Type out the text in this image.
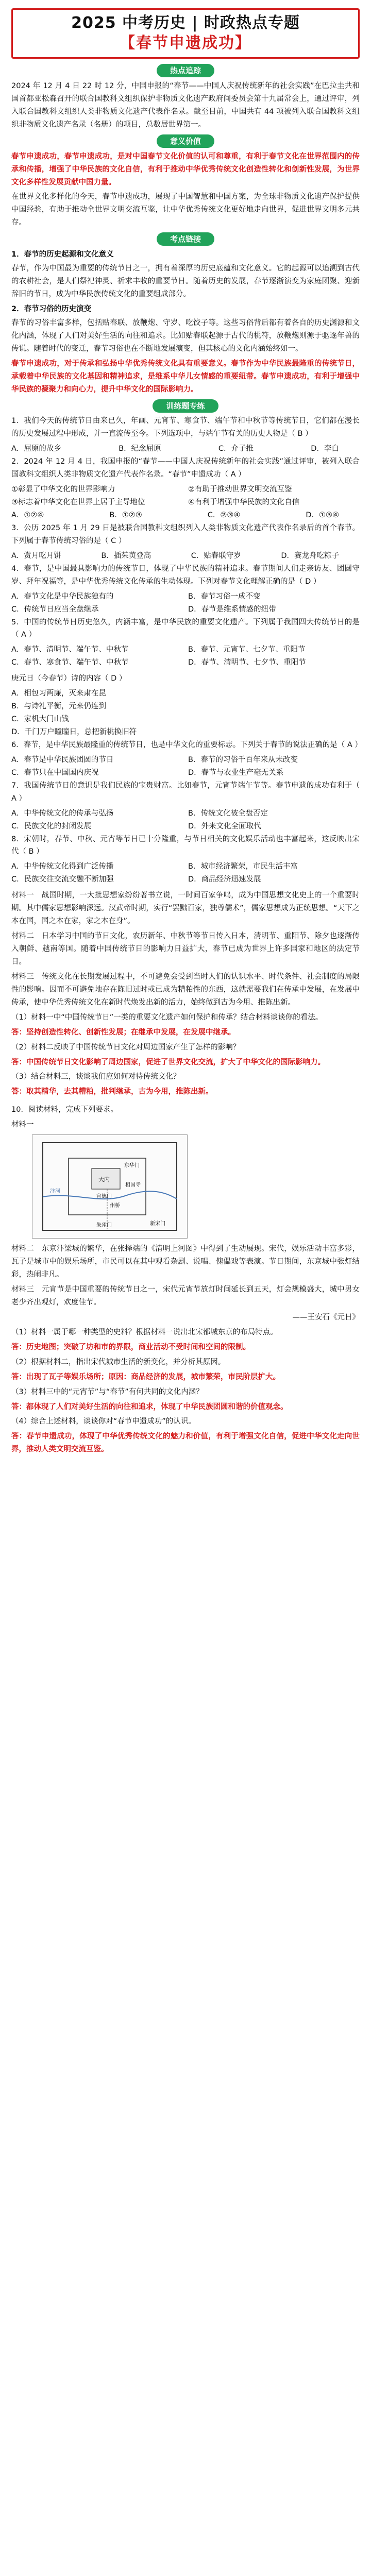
2025 中考历史 | 时政热点专题
【春节申遗成功】
热点追踪

2024 年 12 月 4 日 22 时 12 分，中国申报的“春节——中国人庆祝传统新年的社会实践”在巴拉圭共和国首都亚松森召开的联合国教科文组织保护非物质文化遗产政府间委员会第十九届常会上，通过评审，列入联合国教科文组织人类非物质文化遗产代表作名录。截至目前，中国共有 44 项被列入联合国教科文组织非物质文化遗产名录（名册）的项目，总数居世界第一。

意义价值

春节申遗成功，春节申遗成功，是对中国春节文化价值的认可和尊重，有利于春节文化在世界范围内的传承和传播，增强了中华民族的文化自信，有利于推动中华优秀传统文化创造性转化和创新性发展，为世界文化多样性发展贡献中国力量。

在世界文化多样化的今天，春节申遗成功，展现了中国智慧和中国方案，为全球非物质文化遗产保护提供中国经验，有助于推动全世界文明交流互鉴，让中华优秀传统文化更好地走向世界，促进世界文明多元共存。

考点链接
1．春节的历史起源和文化意义

春节，作为中国最为重要的传统节日之一，拥有着深厚的历史底蕴和文化意义。它的起源可以追溯到古代的农耕社会，是人们祭祀神灵、祈求丰收的重要节日。随着历史的发展，春节逐渐演变为家庭团聚、迎新辞旧的节日，成为中华民族传统文化的重要组成部分。

2．春节习俗的历史演变

春节的习俗丰富多样，包括贴春联、放鞭炮、守岁、吃饺子等。这些习俗背后都有着各自的历史渊源和文化内涵，体现了人们对美好生活的向往和追求。比如贴春联起源于古代的桃符，放鞭炮则源于驱逐年兽的传说。随着时代的变迁，春节习俗也在不断地发展演变，但其核心的文化内涵始终如一。

春节申遗成功，对于传承和弘扬中华优秀传统文化具有重要意义。春节作为中华民族最隆重的传统节日，承载着中华民族的文化基因和精神追求，是维系中华儿女情感的重要纽带。春节申遗成功，有利于增强中华民族的凝聚力和向心力，提升中华文化的国际影响力。

训练题专练

1．我们今天的传统节日由来已久，年画、元宵节、寒食节、端午节和中秋节等传统节日，它们都在漫长的历史发展过程中形成，并一直流传至今。下列选项中，与端午节有关的历史人物是（ B ）

A．屈原的故乡	B．纪念屈原	C．介子推	D．李白

2．2024 年 12 月 4 日，我国申报的“春节——中国人庆祝传统新年的社会实践”通过评审，被列入联合国教科文组织人类非物质文化遗产代表作名录。“春节”申遗成功（ A ）

①彰显了中华文化的世界影响力	②有助于推动世界文明交流互鉴
③标志着中华文化在世界上居于主导地位	④有利于增强中华民族的文化自信
A．①②④	B．①②③	C．②③④	D．①③④

3．公历 2025 年 1 月 29 日是被联合国教科文组织列入人类非物质文化遗产代表作名录后的首个春节。下列属于春节传统习俗的是（ C ）

A．赏月吃月饼	B．插茱萸登高	C．贴春联守岁	D．赛龙舟吃粽子

4．春节，是中国最具影响力的传统节日，体现了中华民族的精神追求。春节期间人们走亲访友、团圆守岁、拜年祝福等，是中华优秀传统文化传承的生动体现。下列对春节文化理解正确的是（ D ）

A．春节文化是中华民族独有的	B．春节习俗一成不变
C．传统节日应当全盘继承	D．春节是维系情感的纽带

5．中国的传统节日历史悠久，内涵丰富，是中华民族的重要文化遗产。下列属于我国四大传统节日的是（ A ）

A．春节、清明节、端午节、中秋节	B．春节、元宵节、七夕节、重阳节
C．春节、寒食节、端午节、中秋节	D．春节、清明节、七夕节、重阳节

庚元日（今春节）诗的内容（ D ）

A．相包习两廉，灭来肃在昆
B．与诗礼平衡，元来仍连到
C．家机大门山钱
D．千门万户瞳瞳日，总把新桃换旧符

6．春节，是中华民族最隆重的传统节日，也是中华文化的重要标志。下列关于春节的说法正确的是（ A ）

A．春节是中华民族团圆的节日	B．春节的习俗千百年来从未改变
C．春节只在中国国内庆祝	D．春节与农业生产毫无关系

7．我国传统节日的意识是我们民族的宝贵财富。比如春节，元宵节端午节等。春节申遗的成功有利于（ A ）

A．中华传统文化的传承与弘扬	B．传统文化被全盘否定
C．民族文化的封闭发展	D．外来文化全面取代

8．宋朝时，春节、中秋、元宵等节日已十分隆重，与节日相关的文化娱乐活动也丰富起来，这反映出宋代（ B ）

A．中华传统文化得到广泛传播	B．城市经济繁荣，市民生活丰富
C．民族交往交流交融不断加强	D．商品经济迅速发展

材料一　 战国时期，一大批思想家纷纷著书立说，一时间百家争鸣，成为中国思想文化史上的一个重要时期。其中儒家思想影响深远。汉武帝时期，实行“罢黜百家，独尊儒术”，儒家思想成为正统思想。“天下之本在国，国之本在家，家之本在身”。

材料二　日本学习中国的节日文化，农历新年、中秋节等节日传入日本，清明节、重阳节、除夕也逐渐传入朝鲜、越南等国。随着中国传统节日的影响力日益扩大，春节已成为世界上许多国家和地区的法定节日。

材料三　传统文化在长期发展过程中，不可避免会受到当时人们的认识水平、时代条件、社会制度的局限性的影响。因而不可避免地存在陈旧过时或已成为糟粕性的东西，这就需要我们在传承中发展，在发展中传承，使中华优秀传统文化在新时代焕发出新的活力，始终做到古为今用、推陈出新。

（1）材料一中“中国传统节日”一类的重要文化遗产如何保护和传承？结合材料谈谈你的看法。

答：坚持创造性转化、创新性发展；在继承中发展，在发展中继承。

（2）材料二反映了中国传统节日文化对周边国家产生了怎样的影响？

答：中国传统节日文化影响了周边国家，促进了世界文化交流，扩大了中华文化的国际影响力。

（3）结合材料三，谈谈我们应如何对待传统文化？

答：取其精华，去其糟粕，批判继承，古为今用，推陈出新。

10．阅读材料，完成下列要求。

材料一
大内
宣德门
州桥
相国寺
东华门
新宋门
朱雀门
汴河

材料二　东京汴梁城的繁华，在张择端的《清明上河图》中得到了生动展现。宋代，娱乐活动丰富多彩，瓦子是城市中的娱乐场所，市民可以在其中观看杂剧、说唱、傀儡戏等表演。节日期间，东京城中张灯结彩，热闹非凡。

材料三　元宵节是中国重要的传统节日之一，宋代元宵节放灯时间延长到五天，灯会规模盛大，城中男女老少齐出观灯，欢度佳节。

——王安石《元日》

（1）材料一属于哪一种类型的史料？根据材料一说出北宋都城东京的布局特点。

答：历史地图；突破了坊和市的界限，商业活动不受时间和空间的限制。

（2）根据材料二，指出宋代城市生活的新变化，并分析其原因。

答：出现了瓦子等娱乐场所；原因：商品经济的发展，城市繁荣，市民阶层扩大。

（3）材料三中的“元宵节”与“春节”有何共同的文化内涵？

答：都体现了人们对美好生活的向往和追求，体现了中华民族团圆和谐的价值观念。

（4）综合上述材料，谈谈你对“春节申遗成功”的认识。

答：春节申遗成功，体现了中华优秀传统文化的魅力和价值，有利于增强文化自信，促进中华文化走向世界，推动人类文明交流互鉴。
